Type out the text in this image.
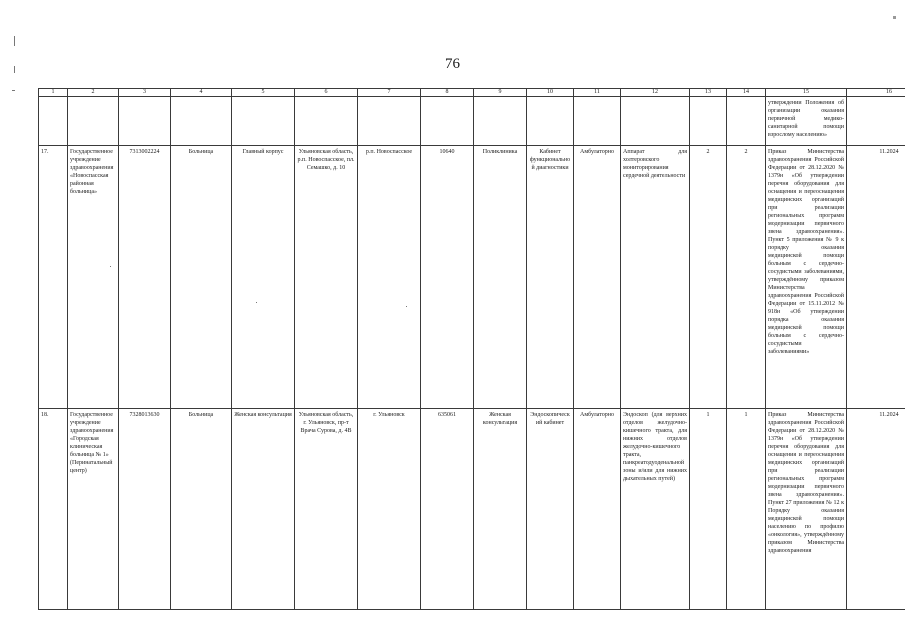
76
1	2	3	4	5	6	7	8	9	10	11	12	13	14	15	16
														утверждении Положения об организации оказания первичной медико-санитарной помощи взрослому населению»	
17.	Государственное учреждение здравоохранения «Новоспасская районная больница»	7313002224	Больница	Главный корпус	Ульяновская область, р.п. Новоспасское, пл. Семашко, д. 10	р.п. Новоспасское	10640	Поликлиника	Кабинет функциональной диагностики	Амбулаторно	Аппарат для холтеровского мониторирования сердечной деятельности	2	2	Приказ Министерства здравоохранения Российской Федерации от 28.12.2020 № 1379н «Об утверждении перечня оборудования для оснащения и переоснащения медицинских организаций при реализации региональных программ модернизации первичного звена здравоохранения». Пункт 5 приложения № 9 к порядку оказания медицинской помощи больным с сердечно-сосудистыми заболеваниями, утверждённому приказом Министерства здравоохранения Российской Федерации от 15.11.2012 № 918н «Об утверждении порядка оказания медицинской помощи больным с сердечно-сосудистыми заболеваниями»	11.2024
18.	Государственное учреждение здравоохранения «Городская клиническая больница № 1» (Перинатальный центр)	7328013630	Больница	Женская консультация	Ульяновская область, г. Ульяновск, пр-т Врача Сурова, д. 4В	г. Ульяновск	635061	Женская консультация	Эндоскопический кабинет	Амбулаторно	Эндоскоп (для верхних отделов желудочно-кишечного тракта, для нижних отделов желудочно-кишечного тракта, панкреатодуоденальной зоны и/или для нижних дыхательных путей)	1	1	Приказ Министерства здравоохранения Российской Федерации от 28.12.2020 № 1379н «Об утверждении перечня оборудования для оснащения и переоснащения медицинских организаций при реализации региональных программ модернизации первичного звена здравоохранения». Пункт 27 приложения № 12 к Порядку оказания медицинской помощи населению по профилю «онкология», утверждённому приказом Министерства здравоохранения	11.2024
